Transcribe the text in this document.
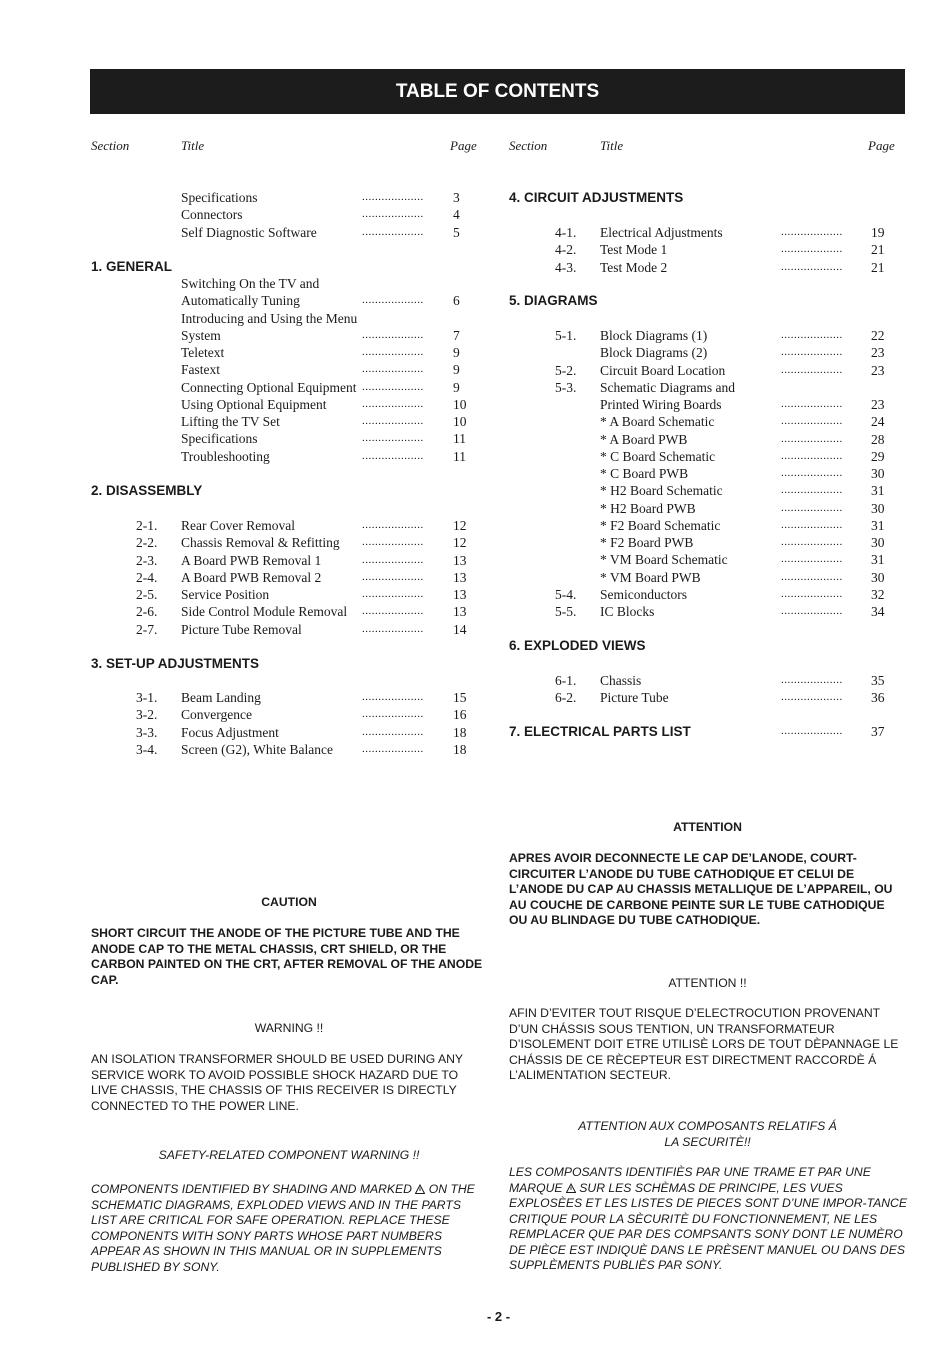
TABLE OF CONTENTS
Section	Title	Page Section	Title	Page
Specifications	................... 3
Connectors	................... 4
Self Diagnostic Software	................... 5
1. GENERAL
Switching On the TV and
Automatically Tuning	................... 6
Introducing and Using the Menu
System	................... 7
Teletext	................... 9
Fastext	................... 9
Connecting Optional Equipment ................... 9
Using Optional Equipment	................... 10
Lifting the TV Set	................... 10
Specifications	................... 11
Troubleshooting	................... 11
2. DISASSEMBLY
2-1. Rear Cover Removal	................... 12
2-2. Chassis Removal & Refitting ................... 12
2-3. A Board PWB Removal 1	................... 13
2-4. A Board PWB Removal 2	................... 13
2-5. Service Position	................... 13
2-6. Side Control Module Removal ................... 13
2-7. Picture Tube Removal	................... 14
3. SET-UP ADJUSTMENTS
3-1. Beam Landing	................... 15
3-2. Convergence	................... 16
3-3. Focus Adjustment	................... 18
3-4. Screen (G2), White Balance	................... 18
4. CIRCUIT ADJUSTMENTS
4-1. Electrical Adjustments	................... 19
4-2. Test Mode 1	................... 21
4-3. Test Mode 2	................... 21
5. DIAGRAMS
5-1. Block Diagrams (1)	................... 22
Block Diagrams (2)	................... 23
5-2. Circuit Board Location	................... 23
5-3. Schematic Diagrams and
Printed Wiring Boards	................... 23
* A Board Schematic	................... 24
* A Board PWB	................... 28
* C Board Schematic	................... 29
* C Board PWB	................... 30
* H2 Board Schematic	................... 31
* H2 Board PWB	................... 30
* F2 Board Schematic	................... 31
* F2 Board PWB	................... 30
* VM Board Schematic	................... 31
* VM Board PWB	................... 30
5-4. Semiconductors	................... 32
5-5. IC Blocks	................... 34
6. EXPLODED VIEWS
6-1. Chassis	................... 35
6-2. Picture Tube	................... 36
7. ELECTRICAL PARTS LIST	................... 37

CAUTION

SHORT CIRCUIT THE ANODE OF THE PICTURE TUBE AND THE ANODE CAP TO THE METAL CHASSIS, CRT SHIELD, OR THE CARBON PAINTED ON THE CRT, AFTER REMOVAL OF THE ANODE CAP.

WARNING !!

AN ISOLATION TRANSFORMER SHOULD BE USED DURING ANY SERVICE WORK TO AVOID POSSIBLE SHOCK HAZARD DUE TO LIVE CHASSIS, THE CHASSIS OF THIS RECEIVER IS DIRECTLY CONNECTED TO THE POWER LINE.

SAFETY-RELATED COMPONENT WARNING !!

COMPONENTS IDENTIFIED BY SHADING AND MARKED ON THE SCHEMATIC DIAGRAMS, EXPLODED VIEWS AND IN THE PARTS LIST ARE CRITICAL FOR SAFE OPERATION. REPLACE THESE COMPONENTS WITH SONY PARTS WHOSE PART NUMBERS APPEAR AS SHOWN IN THIS MANUAL OR IN SUPPLEMENTS PUBLISHED BY SONY.

ATTENTION

APRES AVOIR DECONNECTE LE CAP DE’LANODE, COURT-CIRCUITER L’ANODE DU TUBE CATHODIQUE ET CELUI DE L’ANODE DU CAP AU CHASSIS METALLIQUE DE L’APPAREIL, OU AU COUCHE DE CARBONE PEINTE SUR LE TUBE CATHODIQUE OU AU BLINDAGE DU TUBE CATHODIQUE.

ATTENTION !!

AFIN D’EVITER TOUT RISQUE D’ELECTROCUTION PROVENANT D’UN CHÁSSIS SOUS TENTION, UN TRANSFORMATEUR D’ISOLEMENT DOIT ETRE UTILISÈ LORS DE TOUT DÈPANNAGE LE CHÁSSIS DE CE RÈCEPTEUR EST DIRECTMENT RACCORDÈ Á L’ALIMENTATION SECTEUR.

ATTENTION AUX COMPOSANTS RELATIFS Á
LA SECURITÈ!!

LES COMPOSANTS IDENTIFIÈS PAR UNE TRAME ET PAR UNE MARQUE SUR LES SCHÈMAS DE PRINCIPE, LES VUES EXPLOSÈES ET LES LISTES DE PIECES SONT D’UNE IMPOR-TANCE CRITIQUE POUR LA SÈCURITÈ DU FONCTIONNEMENT, NE LES REMPLACER QUE PAR DES COMPSANTS SONY DONT LE NUMÈRO DE PIÈCE EST INDIQUÈ DANS LE PRÈSENT MANUEL OU DANS DES SUPPLÈMENTS PUBLIÈS PAR SONY.

- 2 -
